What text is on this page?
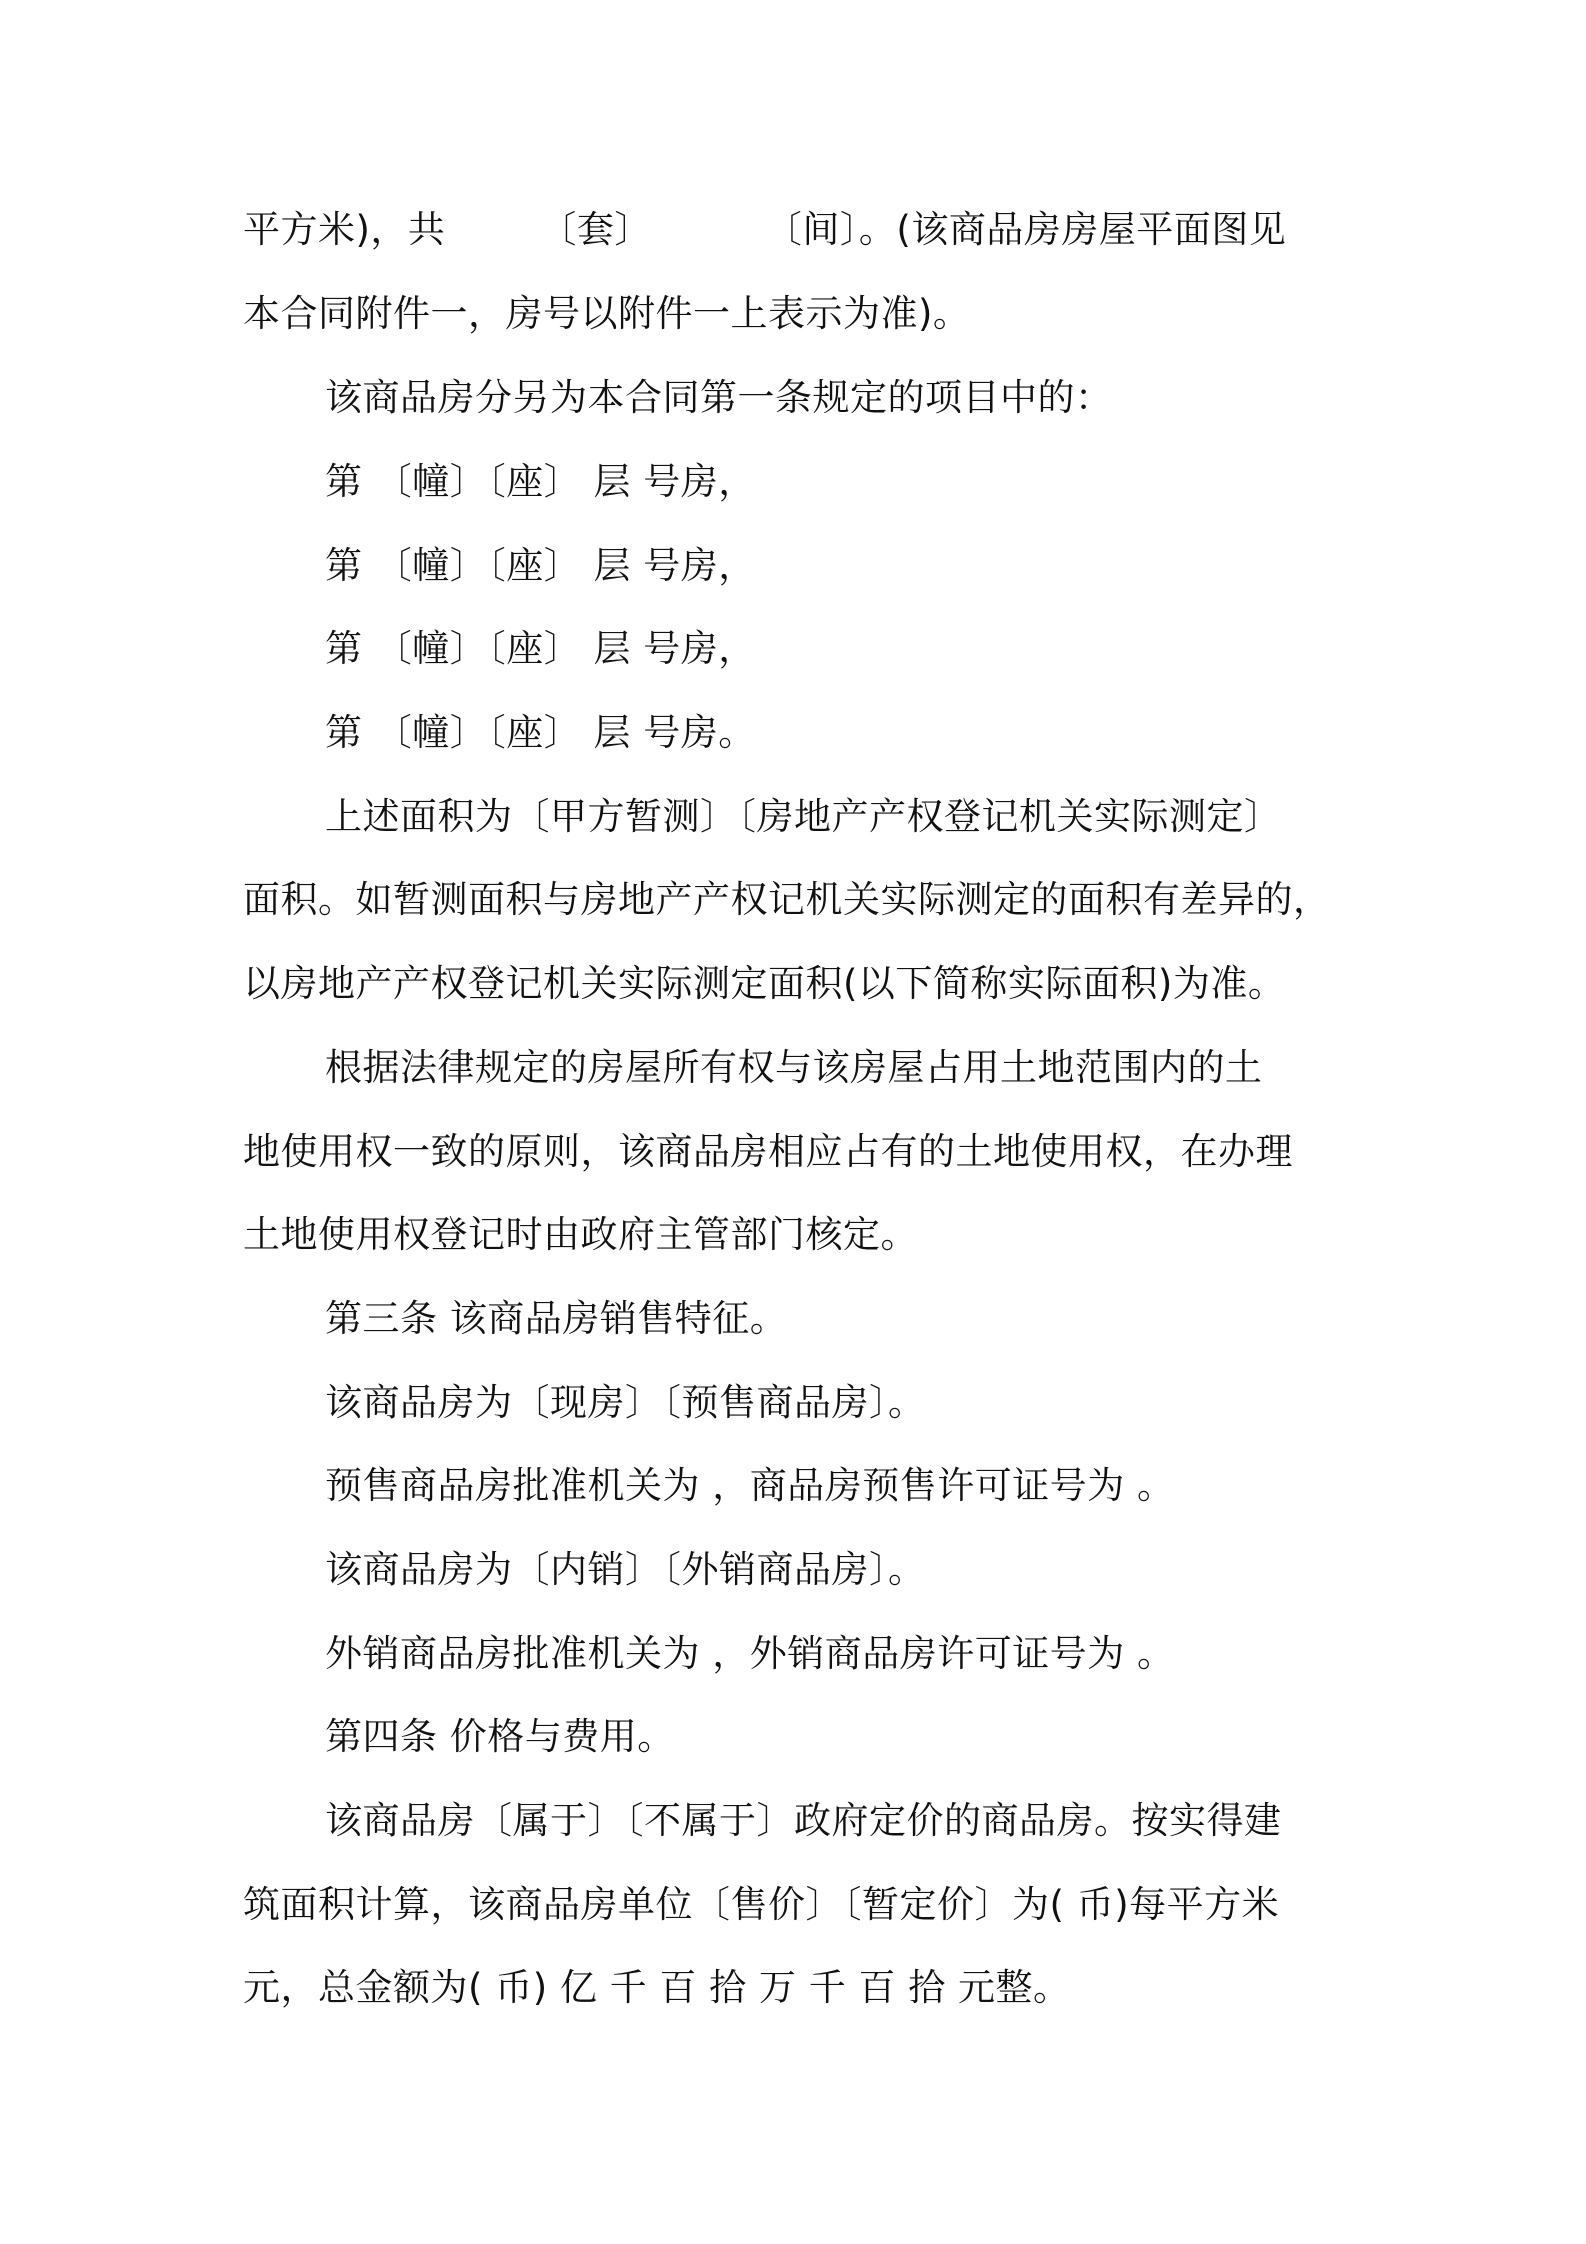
平方米)，共　　　〔套〕　　　　〔间〕。(该商品房房屋平面图见
本合同附件一，房号以附件一上表示为准)。
该商品房分另为本合同第一条规定的项目中的：
第 〔幢〕〔座〕 层 号房，
第 〔幢〕〔座〕 层 号房，
第 〔幢〕〔座〕 层 号房，
第 〔幢〕〔座〕 层 号房。
上述面积为〔甲方暂测〕〔房地产产权登记机关实际测定〕
面积。如暂测面积与房地产产权记机关实际测定的面积有差异的，
以房地产产权登记机关实际测定面积(以下简称实际面积)为准。
根据法律规定的房屋所有权与该房屋占用土地范围内的土
地使用权一致的原则，该商品房相应占有的土地使用权，在办理
土地使用权登记时由政府主管部门核定。
第三条 该商品房销售特征。
该商品房为〔现房〕〔预售商品房〕。
预售商品房批准机关为 ，商品房预售许可证号为 。
该商品房为〔内销〕〔外销商品房〕。
外销商品房批准机关为 ，外销商品房许可证号为 。
第四条 价格与费用。
该商品房〔属于〕〔不属于〕政府定价的商品房。按实得建
筑面积计算，该商品房单位〔售价〕〔暂定价〕为( 币)每平方米
元，总金额为( 币) 亿 千 百 拾 万 千 百 拾 元整。
